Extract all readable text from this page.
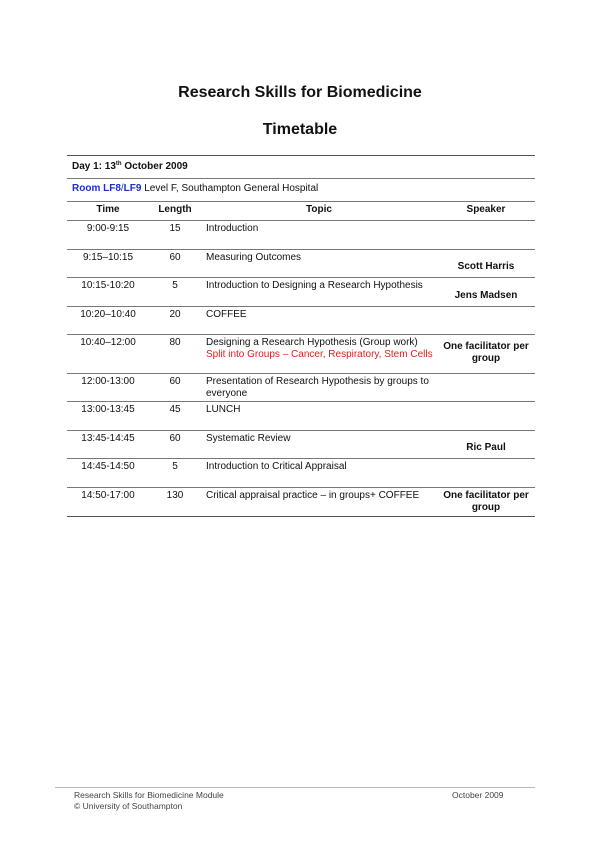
Research Skills for Biomedicine
Timetable
Day 1: 13th October 2009
Room LF8/LF9 Level F, Southampton General Hospital
Time	Length	Topic	Speaker
9:00-9:15	15	Introduction	
9:15–10:15	60	Measuring Outcomes	Scott Harris
10:15-10:20	5	Introduction to Designing a Research Hypothesis	Jens Madsen
10:20–10:40	20	COFFEE	
10:40–12:00	80	Designing a Research Hypothesis (Group work)
Split into Groups – Cancer, Respiratory, Stem Cells	One facilitator per group
12:00-13:00	60	Presentation of Research Hypothesis by groups to everyone	
13:00-13:45	45	LUNCH	
13:45-14:45	60	Systematic Review	Ric Paul
14:45-14:50	5	Introduction to Critical Appraisal	
14:50-17:00	130	Critical appraisal practice – in groups+ COFFEE	One facilitator per group
Research Skills for Biomedicine Module
© University of Southampton
October 2009
